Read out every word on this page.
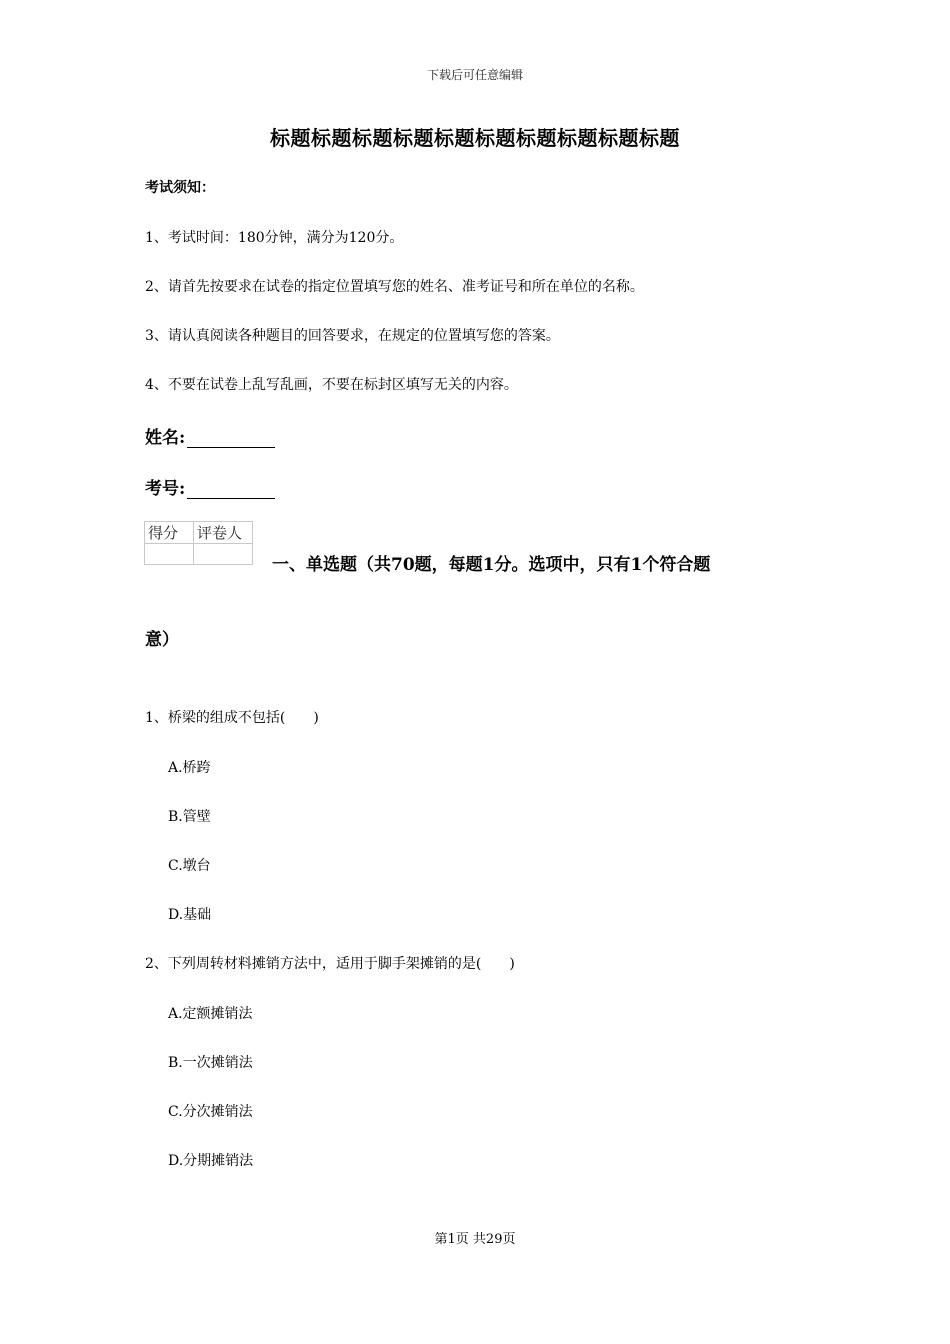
下载后可任意编辑
标题标题标题标题标题标题标题标题标题标题
考试须知：
1、考试时间：180分钟，满分为120分。
2、请首先按要求在试卷的指定位置填写您的姓名、准考证号和所在单位的名称。
3、请认真阅读各种题目的回答要求，在规定的位置填写您的答案。
4、不要在试卷上乱写乱画，不要在标封区填写无关的内容。
姓名:
考号:
得分	评卷人

一、单选题（共70题，每题1分。选项中，只有1个符合题
意）
1、桥梁的组成不包括(　　)
A.桥跨
B.管壁
C.墩台
D.基础
2、下列周转材料摊销方法中，适用于脚手架摊销的是(　　)
A.定额摊销法
B.一次摊销法
C.分次摊销法
D.分期摊销法
第1页 共29页
